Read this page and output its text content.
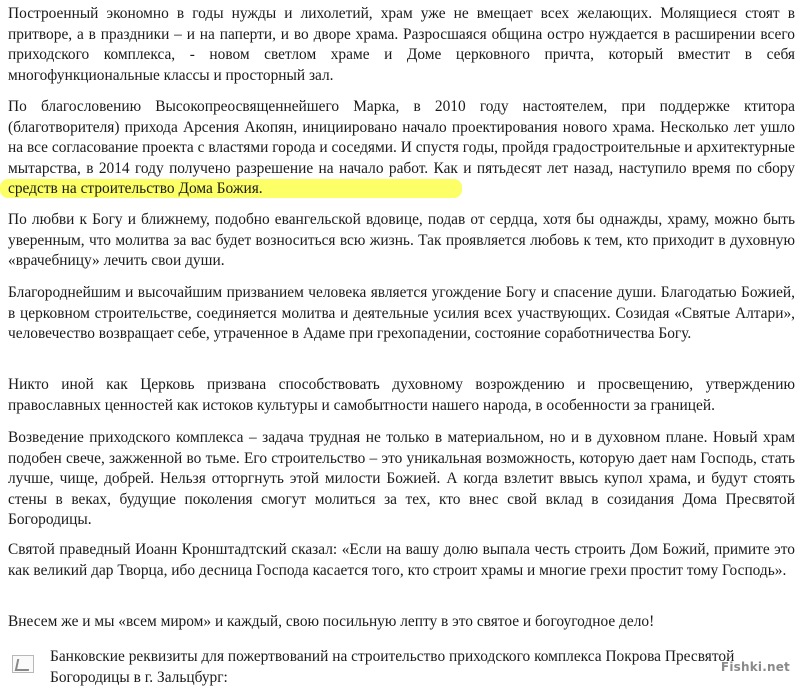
Построенный экономно в годы нужды и лихолетий, храм уже не вмещает всех желающих. Молящиеся стоят в притворе, а в праздники – и на паперти, и во дворе храма. Разросшаяся община остро нуждается в расширении всего приходского комплекса, - новом светлом храме и Доме церковного причта, который вместит в себя многофункциональные классы и просторный зал.

По благословению Высокопреосвященнейшего Марка, в 2010 году настоятелем, при поддержке ктитора (благотворителя) прихода Арсения Акопян, инициировано начало проектирования нового храма. Несколько лет ушло на все согласование проекта с властями города и соседями. И спустя годы, пройдя градостроительные и архитектурные мытарства, в 2014 году получено разрешение на начало работ. Как и пятьдесят лет назад, наступило время по сбору средств на строительство Дома Божия.

По любви к Богу и ближнему, подобно евангельской вдовице, подав от сердца, хотя бы однажды, храму, можно быть уверенным, что молитва за вас будет возноситься всю жизнь. Так проявляется любовь к тем, кто приходит в духовную «врачебницу» лечить свои души.

Благороднейшим и высочайшим призванием человека является угождение Богу и спасение души. Благодатью Божией, в церковном строительстве, соединяется молитва и деятельные усилия всех участвующих. Созидая «Святые Алтари», человечество возвращает себе, утраченное в Адаме при грехопадении, состояние соработничества Богу.

Никто иной как Церковь призвана способствовать духовному возрождению и просвещению, утверждению православных ценностей как истоков культуры и самобытности нашего народа, в особенности за границей.

Возведение приходского комплекса – задача трудная не только в материальном, но и в духовном плане. Новый храм подобен свече, зажженной во тьме. Его строительство – это уникальная возможность, которую дает нам Господь, стать лучше, чище, добрей. Нельзя отторгнуть этой милости Божией. А когда взлетит ввысь купол храма, и будут стоять стены в веках, будущие поколения смогут молиться за тех, кто внес свой вклад в созидания Дома Пресвятой Богородицы.

Святой праведный Иоанн Кронштадтский сказал: «Если на вашу долю выпала честь строить Дом Божий, примите это как великий дар Творца, ибо десница Господа касается того, кто строит храмы и многие грехи простит тому Господь».

Внесем же и мы «всем миром» и каждый, свою посильную лепту в это святое и богоугодное дело!

Банковские реквизиты для пожертвований на строительство приходского комплекса Покрова Пресвятой Богородицы в г. Зальцбург:

Fishki.net
